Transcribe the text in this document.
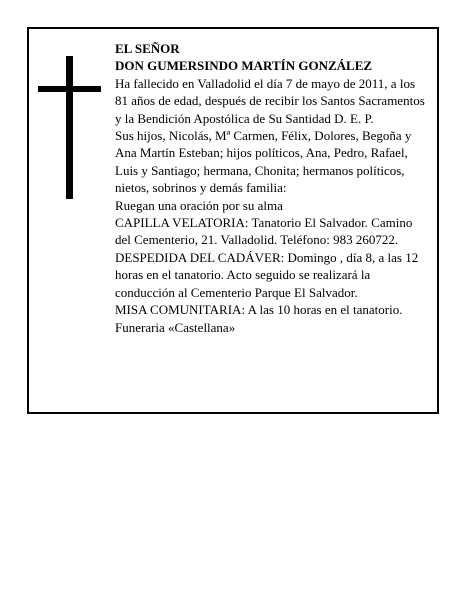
EL SEÑOR

DON GUMERSINDO MARTÍN GONZÁLEZ

Ha fallecido en Valladolid el día 7 de mayo de 2011, a los 81 años de edad, después de recibir los Santos Sacramentos y la Bendición Apostólica de Su Santidad D. E. P.

Sus hijos, Nicolás, Mª Carmen, Félix, Dolores, Begoña y Ana Martín Esteban; hijos políticos, Ana, Pedro, Rafael, Luis y Santiago; hermana, Chonita; hermanos políticos, nietos, sobrinos y demás familia:

Ruegan una oración por su alma

CAPILLA VELATORIA: Tanatorio El Salvador. Camino del Cementerio, 21. Valladolid. Teléfono: 983 260722.

DESPEDIDA DEL CADÁVER: Domingo , día 8, a las 12 horas en el tanatorio. Acto seguido se realizará la conducción al Cementerio Parque El Salvador.

MISA COMUNITARIA: A las 10 horas en el tanatorio.

Funeraria «Castellana»
